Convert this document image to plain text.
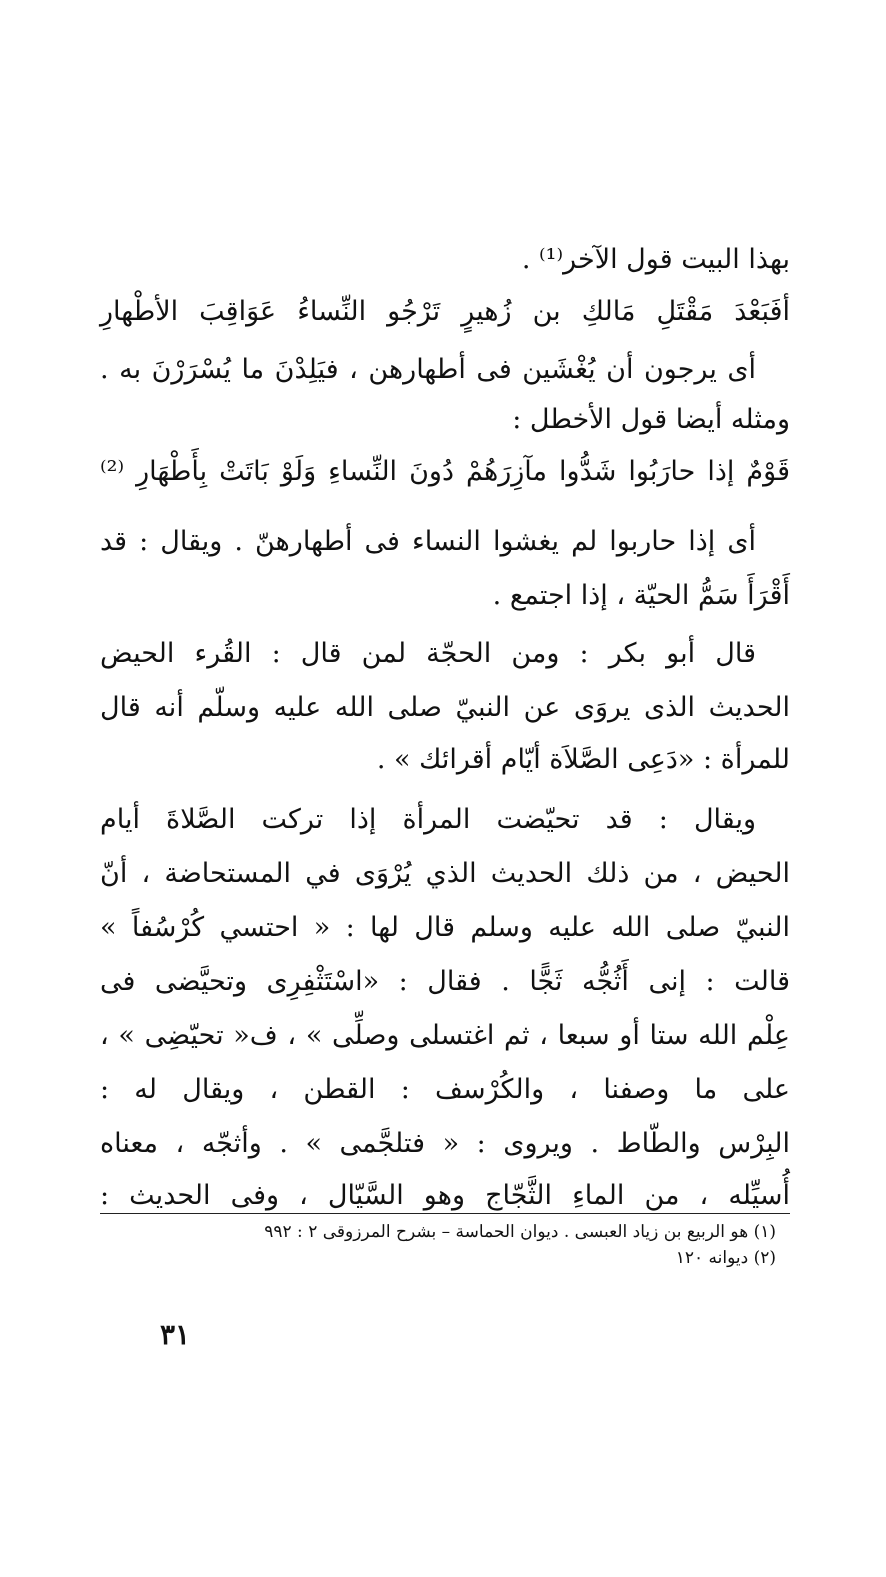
بهذا البيت قول الآخر⁽¹⁾ .
أفَبَعْدَ مَقْتَلِ مَالكِ بن زُهيرٍ تَرْجُو النِّساءُ عَوَاقِبَ الأطْهارِ
أى يرجون أن يُغْشَين فى أطهارهن ، فيَلِدْنَ ما يُسْرَرْنَ به .
ومثله أيضا قول الأخطل :
قَوْمٌ إذا حارَبُوا شَدُّوا مآزِرَهُمْ دُونَ النِّساءِ وَلَوْ بَاتَتْ بِأَطْهَارِ ⁽²⁾
أى إذا حاربوا لم يغشوا النساء فى أطهارهنّ . ويقال : قد
أَقْرَأَ سَمُّ الحيّة ، إذا اجتمع .
قال أبو بكر : ومن الحجّة لمن قال : القُرء الحيض
الحديث الذى يروَى عن النبيّ صلى الله عليه وسلّم أنه قال
للمرأة : «دَعِى الصَّلاَة أيّام أقرائك » .
ويقال : قد تحيّضت المرأة إذا تركت الصَّلاةَ أيام
الحيض ، من ذلك الحديث الذي يُرْوَى في المستحاضة ، أنّ
النبيّ صلى الله عليه وسلم قال لها : « احتسي كُرْسُفاً »
قالت : إنى أَثُجُّه ثَجًّا . فقال : «اسْتَثْفِرِى وتحيَّضى فى
عِلْم الله ستا أو سبعا ، ثم اغتسلى وصلِّى » ، ف« تحيّضِى » ،
على ما وصفنا ، والكُرْسف : القطن ، ويقال له :
البِرْس والطّاط . ويروى : « فتلجَّمى » . وأثجّه ، معناه
أُسيِّله ، من الماءِ الثَّجّاج وهو السَّيّال ، وفى الحديث :
(١) هو الربيع بن زياد العبسى . ديوان الحماسة – بشرح المرزوقى ٢ : ٩٩٢
(٢) ديوانه ١٢٠
٣١
